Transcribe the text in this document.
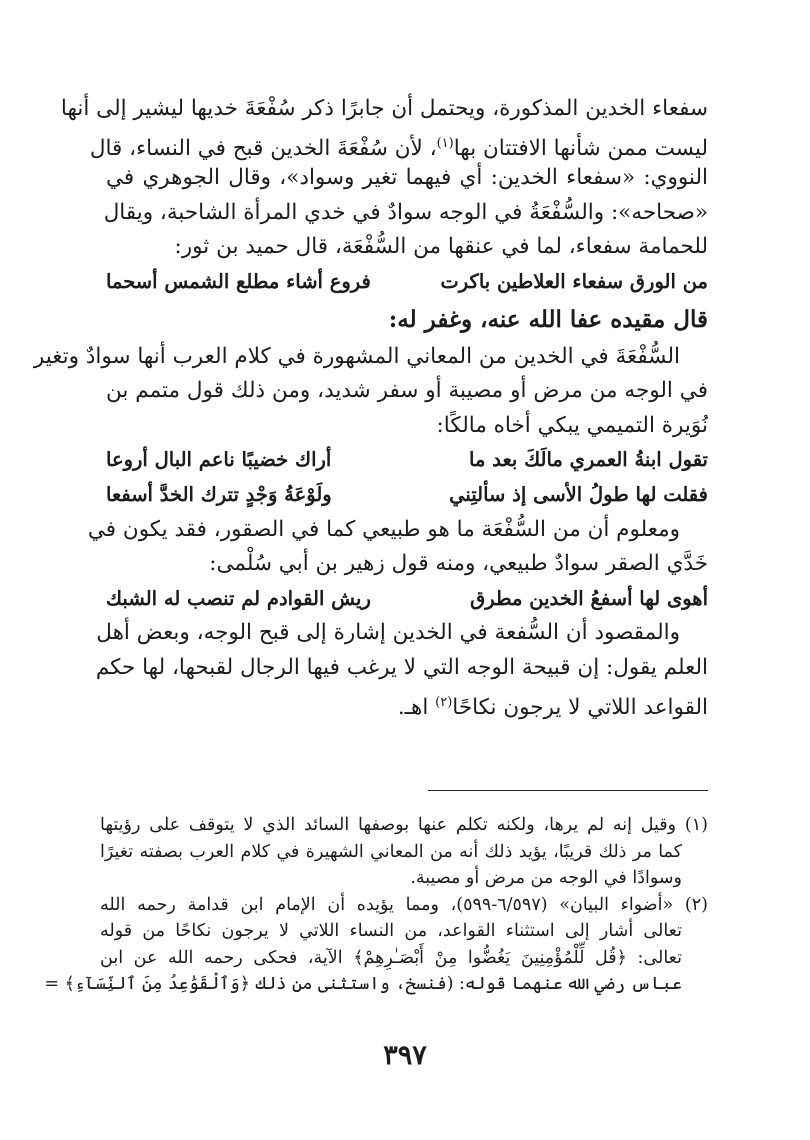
سفعاء الخدين المذكورة، ويحتمل أن جابرًا ذكر سُفْعَةَ خديها ليشير إلى أنها
ليست ممن شأنها الافتتان بها$^{(١)}$، لأن سُفْعَةَ الخدين قبح في النساء، قال
النووي: «سفعاء الخدين: أي فيهما تغير وسواد»، وقال الجوهري في
«صحاحه»: والسُّفْعَةُ في الوجه سوادٌ في خدي المرأة الشاحبة، ويقال
للحمامة سفعاء، لما في عنقها من السُّفْعَة، قال حميد بن ثور:
من الورق سفعاء العلاطين باكرت
فروع أشاء مطلع الشمس أسحما
قال مقيده عفا الله عنه، وغفر له:
السُّفْعَةَ في الخدين من المعاني المشهورة في كلام العرب أنها سوادٌ وتغير
في الوجه من مرض أو مصيبة أو سفر شديد، ومن ذلك قول متمم بن
نُوَيرة التميمي يبكي أخاه مالكًا:
تقول ابنةُ العمري مالَكَ بعد ما
أراك خضيبًا ناعم البال أروعا
فقلت لها طولُ الأسى إذ سألتِني
ولَوْعَةُ وَجْدٍ تترك الخدَّ أسفعا
ومعلوم أن من السُّفْعَة ما هو طبيعي كما في الصقور، فقد يكون في
خَدَّي الصقر سوادٌ طبيعي، ومنه قول زهير بن أبي سُلْمى:
أهوى لها أسفعُ الخدين مطرق
ريش القوادم لم تنصب له الشبك
والمقصود أن السُّفعة في الخدين إشارة إلى قبح الوجه، وبعض أهل
العلم يقول: إن قبيحة الوجه التي لا يرغب فيها الرجال لقبحها، لها حكم
القواعد اللاتي لا يرجون نكاحًا$^{(٢)}$ اهـ.
(١) وقيل إنه لم يرها، ولكنه تكلم عنها بوصفها السائد الذي لا يتوقف على رؤيتها
كما مر ذلك قريبًا، يؤيد ذلك أنه من المعاني الشهيرة في كلام العرب بصفته تغيرًا
وسوادًا في الوجه من مرض أو مصيبة.
(٢) «أضواء البيان» (٦/٥٩٧-٥٩٩)، ومما يؤيده أن الإمام ابن قدامة رحمه الله
تعالى أشار إلى استثناء القواعد، من النساء اللاتي لا يرجون نكاحًا من قوله
تعالى: ﴿قُل لِّلْمُؤْمِنِينَ يَغُضُّوا مِنْ أَبْصَـٰرِهِمْ﴾ الآية، فحكى رحمه الله عن ابن
عباس رضي الله عنهما قوله: (فنسخ، واستثنى من ذلك ﴿وَٱلْقَوَٰعِدُ مِنَ ٱلنِّسَآءِ﴾ =
٣٩٧
